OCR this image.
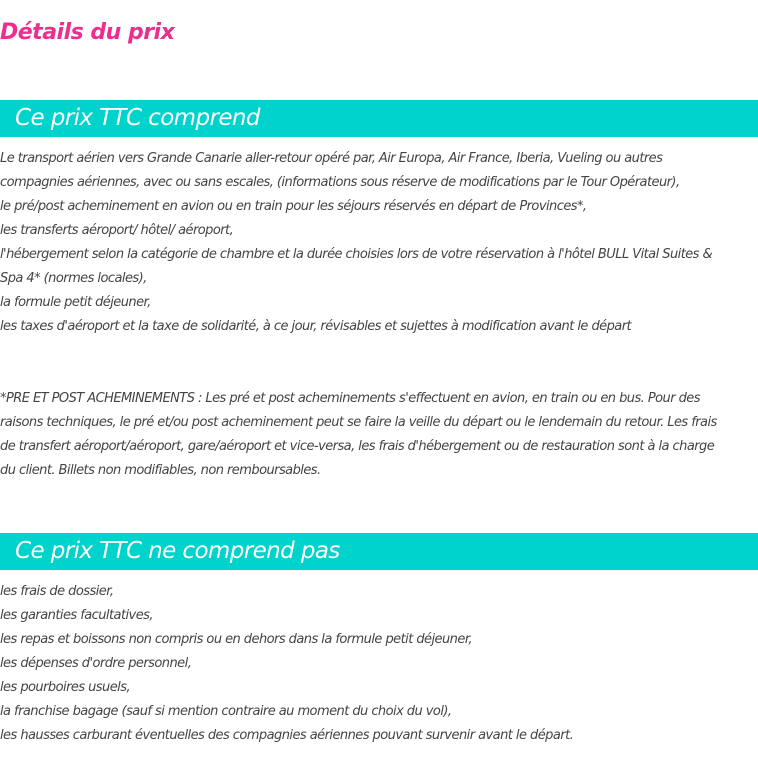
Détails du prix
Ce prix TTC comprend
Le transport aérien vers Grande Canarie aller-retour opéré par, Air Europa, Air France, Iberia, Vueling ou autres
compagnies aériennes, avec ou sans escales, (informations sous réserve de modifications par le Tour Opérateur),
le pré/post acheminement en avion ou en train pour les séjours réservés en départ de Provinces*,
les transferts aéroport/ hôtel/ aéroport,
l'hébergement selon la catégorie de chambre et la durée choisies lors de votre réservation à l'hôtel BULL Vital Suites &
Spa 4* (normes locales),
la formule petit déjeuner,
les taxes d'aéroport et la taxe de solidarité, à ce jour, révisables et sujettes à modification avant le départ
*PRE ET POST ACHEMINEMENTS : Les pré et post acheminements s'effectuent en avion, en train ou en bus. Pour des
raisons techniques, le pré et/ou post acheminement peut se faire la veille du départ ou le lendemain du retour. Les frais
de transfert aéroport/aéroport, gare/aéroport et vice-versa, les frais d'hébergement ou de restauration sont à la charge
du client. Billets non modifiables, non remboursables.
Ce prix TTC ne comprend pas
les frais de dossier,
les garanties facultatives,
les repas et boissons non compris ou en dehors dans la formule petit déjeuner,
les dépenses d'ordre personnel,
les pourboires usuels,
la franchise bagage (sauf si mention contraire au moment du choix du vol),
les hausses carburant éventuelles des compagnies aériennes pouvant survenir avant le départ.
